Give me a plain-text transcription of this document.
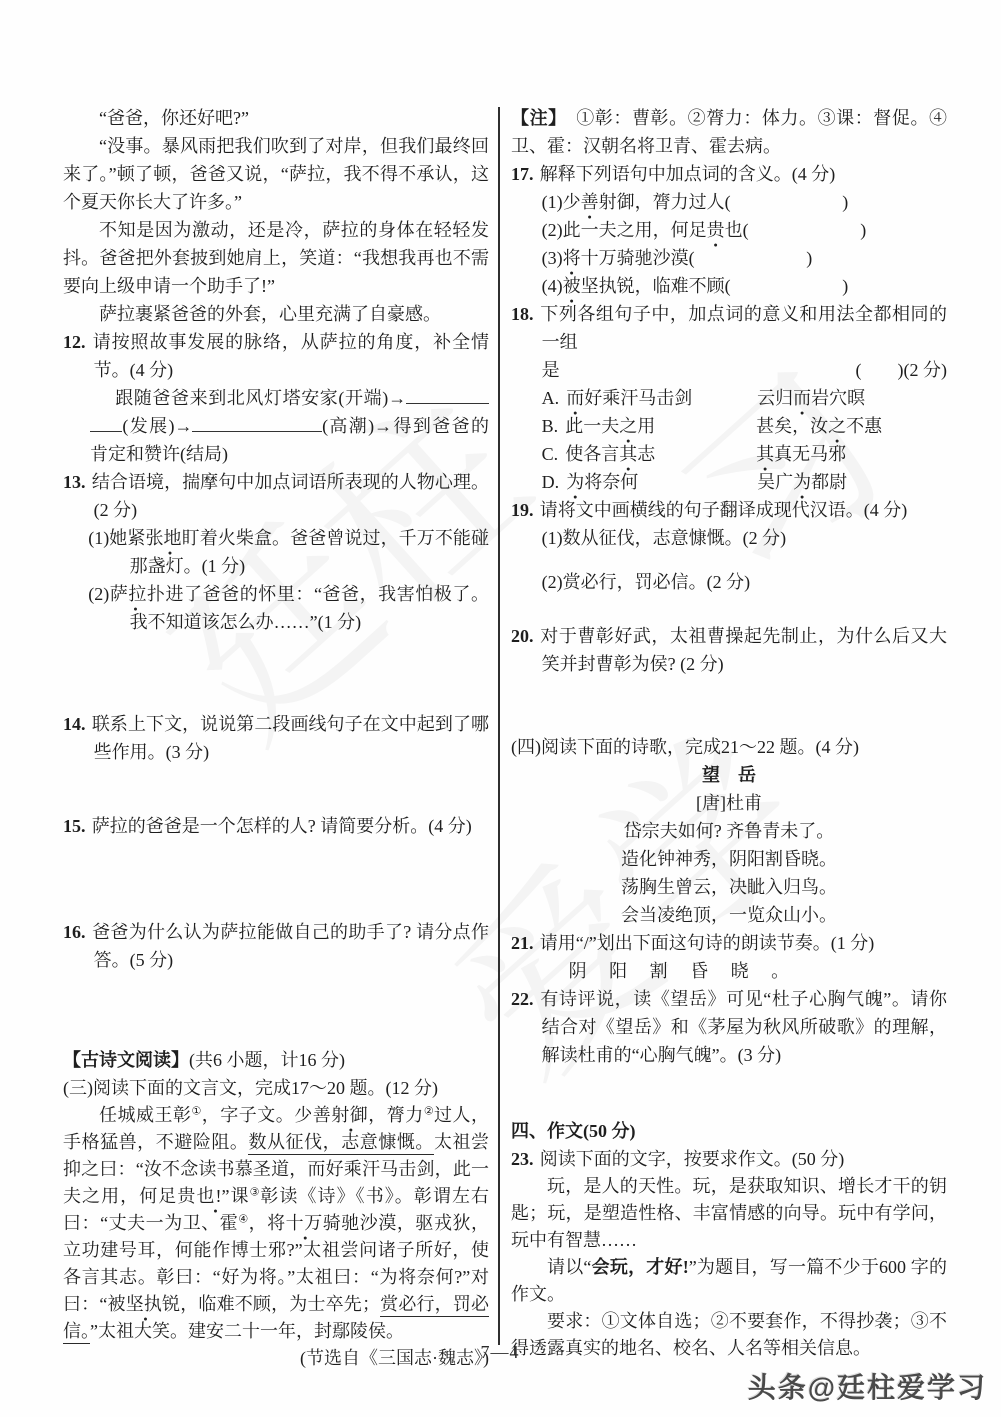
“爸爸，你还好吧?”
“没事。暴风雨把我们吹到了对岸，但我们最终回来了。”顿了顿，爸爸又说，“萨拉，我不得不承认，这个夏天你长大了许多。”
不知是因为激动，还是冷，萨拉的身体在轻轻发抖。爸爸把外套披到她肩上，笑道：“我想我再也不需要向上级申请一个助手了!”
萨拉裹紧爸爸的外套，心里充满了自豪感。
12. 请按照故事发展的脉络，从萨拉的角度，补全情节。(4 分)
跟随爸爸来到北风灯塔安家(开端)→(发展)→	(高潮)→得到爸爸的肯定和赞许(结局)
13. 结合语境，揣摩句中加点词语所表现的人物心理。(2 分)
(1)她紧张地盯 ●着火柴盒。爸爸曾说过，千万不能碰那盏灯。(1 分)
(2)萨拉扑 ●进了爸爸的怀里：“爸爸，我害怕极了。我不知道该怎么办……”(1 分)
14. 联系上下文，说说第二段画线句子在文中起到了哪些作用。(3 分)
15. 萨拉的爸爸是一个怎样的人? 请简要分析。(4 分)
16. 爸爸为什么认为萨拉能做自己的助手了? 请分点作答。(5 分)
【古诗文阅读】(共6 小题，计16 分)
(三)阅读下面的文言文，完成17～20 题。(12 分)
任城威王彰①，字子文。少善 ●射御，膂力②过人，手格猛兽，不避险阻。数从征伐，志意慷慨。太祖尝抑之曰：“汝不念读书慕圣道，而好乘汗马击剑，此一夫之用，何足贵 ●也!”课③彰读《诗》《书》。彰谓左右曰：“丈夫一为卫、霍④，将 ●十万骑驰沙漠，驱戎狄，立功建号耳，何能作博士邪?”太祖尝问诸子所好，使各言其志。彰曰：“好为将。”太祖曰：“为将奈何?”对曰：“被 ●坚执锐，临难不顾，为士卒先；赏必行，罚必信。”太祖大笑。建安二十一年，封鄢陵侯。
(节选自《三国志·魏志》)
【注】　①彰：曹彰。②膂力：体力。③课：督促。④卫、霍：汉朝名将卫青、霍去病。
17. 解释下列语句中加点词的含义。(4 分)
(1)少善 ●射御，膂力过人(	)
(2)此一夫之用，何足贵 ●也(	)
(3)将 ●十万骑驰沙漠(	)
(4)被 ●坚执锐，临难不顾(	)
18. 下列各组句子中，加点词的意义和用法全都相同的一组
是	(　　)(2 分)
A. 而 ●好乘汗马击剑	云归而 ●岩穴暝
B. 此一夫之 ●用	甚矣，汝之 ●不惠
C. 使各言其 ●志	其 ●真无马邪
D. 为 ●将奈何	吴广为 ●都尉
19. 请将文中画横线的句子翻译成现代汉语。(4 分)
(1)数从征伐，志意慷慨。(2 分)
(2)赏必行，罚必信。(2 分)
20. 对于曹彰好武，太祖曹操起先制止，为什么后又大笑并封曹彰为侯? (2 分)
(四)阅读下面的诗歌，完成21～22 题。(4 分)
望　岳
[唐]杜甫
岱宗夫如何? 齐鲁青未了。
造化钟神秀，阴阳割昏晓。
荡胸生曾云，决眦入归鸟。
会当凌绝顶，一览众山小。
21. 请用“/”划出下面这句诗的朗读节奏。(1 分)
阴 阳 割 昏 晓 。
22. 有诗评说，读《望岳》可见“杜子心胸气魄”。请你结合对《望岳》和《茅屋为秋风所破歌》的理解，解读杜甫的“心胸气魄”。(3 分)
四、作文(50 分)
23. 阅读下面的文字，按要求作文。(50 分)
玩，是人的天性。玩，是获取知识、增长才干的钥匙；玩，是塑造性格、丰富情感的向导。玩中有学问，玩中有智慧……
请以“会玩，才好!”为题目，写一篇不少于600 字的作文。
要求：①文体自选；②不要套作，不得抄袭；③不得透露真实的地名、校名、人名等相关信息。
7—4
头条@廷柱爱学习
